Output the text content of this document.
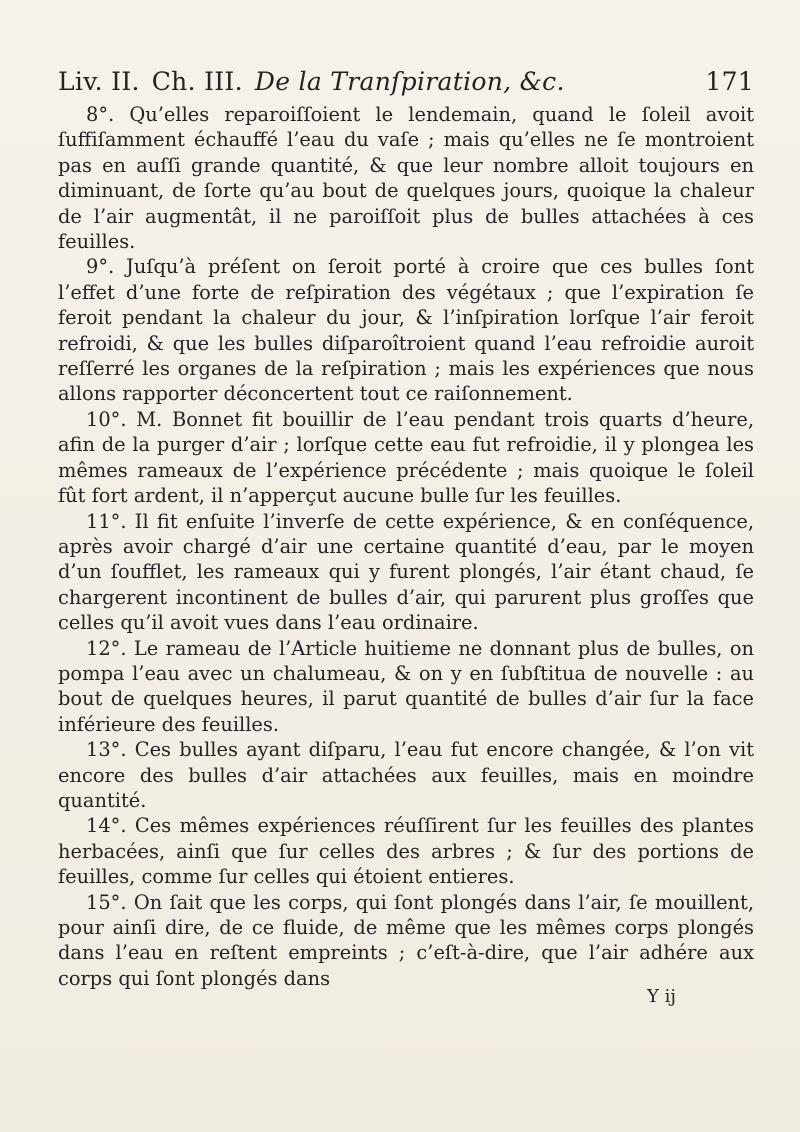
Liv. II. Ch. III. De la Tranſpiration, &c.	171

8°. Qu’elles reparoiſſoient le lendemain, quand le ſoleil avoit ſuffiſamment échauffé l’eau du vaſe ; mais qu’elles ne ſe montroient pas en auſſi grande quantité, & que leur nombre alloit toujours en diminuant, de ſorte qu’au bout de quelques jours, quoique la chaleur de l’air augmentât, il ne paroiſſoit plus de bulles attachées à ces feuilles.

9°. Juſqu’à préſent on ſeroit porté à croire que ces bulles ſont l’effet d’une forte de reſpiration des végétaux ; que l’expiration ſe feroit pendant la chaleur du jour, & l’inſpiration lorſque l’air feroit refroidi, & que les bulles diſparoîtroient quand l’eau refroidie auroit reſſerré les organes de la reſpiration ; mais les expériences que nous allons rapporter déconcertent tout ce raiſonnement.

10°. M. Bonnet fit bouillir de l’eau pendant trois quarts d’heure, afin de la purger d’air ; lorſque cette eau fut refroidie, il y plongea les mêmes rameaux de l’expérience précédente ; mais quoique le ſoleil fût fort ardent, il n’apperçut aucune bulle ſur les feuilles.

11°. Il fit enſuite l’inverſe de cette expérience, & en conſéquence, après avoir chargé d’air une certaine quantité d’eau, par le moyen d’un ſoufflet, les rameaux qui y furent plongés, l’air étant chaud, ſe chargerent incontinent de bulles d’air, qui parurent plus groſſes que celles qu’il avoit vues dans l’eau ordinaire.

12°. Le rameau de l’Article huitieme ne donnant plus de bulles, on pompa l’eau avec un chalumeau, & on y en ſubſtitua de nouvelle : au bout de quelques heures, il parut quantité de bulles d’air ſur la face inférieure des feuilles.

13°. Ces bulles ayant diſparu, l’eau fut encore changée, & l’on vit encore des bulles d’air attachées aux feuilles, mais en moindre quantité.

14°. Ces mêmes expériences réuſſirent ſur les feuilles des plantes herbacées, ainſi que ſur celles des arbres ; & ſur des portions de feuilles, comme ſur celles qui étoient entieres.

15°. On ſait que les corps, qui ſont plongés dans l’air, ſe mouillent, pour ainſi dire, de ce fluide, de même que les mêmes corps plongés dans l’eau en reſtent empreints ; c’eſt-à-dire, que l’air adhére aux corps qui ſont plongés dans

Y ij
